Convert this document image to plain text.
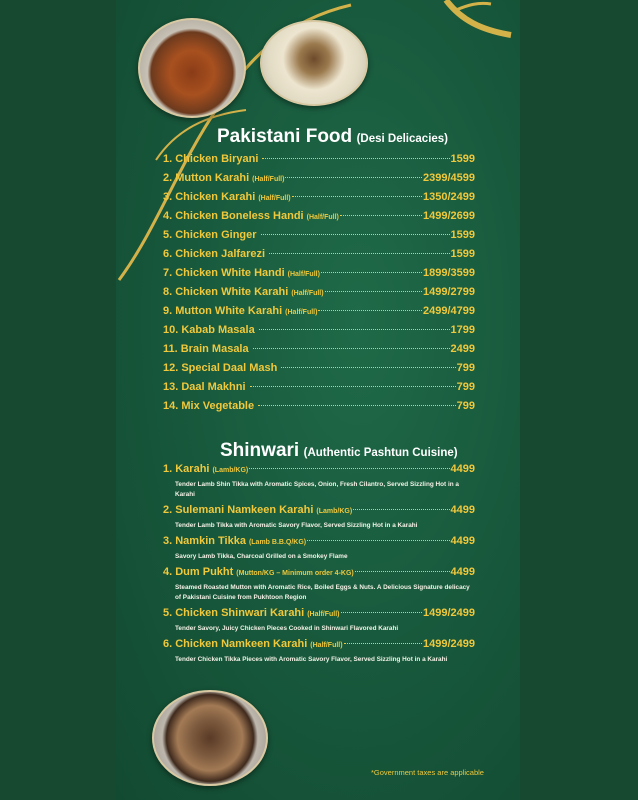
Pakistani Food (Desi Delicacies)
1. Chicken Biryani	1599
2. Mutton Karahi (Half/Full)	2399/4599
3. Chicken Karahi (Half/Full)	1350/2499
4. Chicken Boneless Handi (Half/Full)	1499/2699
5. Chicken Ginger	1599
6. Chicken Jalfarezi	1599
7. Chicken White Handi (Half/Full)	1899/3599
8. Chicken White Karahi (Half/Full)	1499/2799
9. Mutton White Karahi (Half/Full)	2499/4799
10. Kabab Masala	1799
11. Brain Masala	2499
12. Special Daal Mash	799
13. Daal Makhni	799
14. Mix Vegetable	799
Shinwari (Authentic Pashtun Cuisine)
1. Karahi (Lamb/KG)	4499
Tender Lamb Shin Tikka with Aromatic Spices, Onion, Fresh Cilantro, Served Sizzling Hot in a Karahi
2. Sulemani Namkeen Karahi (Lamb/KG)	4499
Tender Lamb Tikka with Aromatic Savory Flavor, Served Sizzling Hot in a Karahi
3. Namkin Tikka (Lamb B.B.Q/KG)	4499
Savory Lamb Tikka, Charcoal Grilled on a Smokey Flame
4. Dum Pukht (Mutton/KG – Minimum order 4-KG)	4499
Steamed Roasted Mutton with Aromatic Rice, Boiled Eggs & Nuts. A Delicious Signature delicacy of Pakistani Cuisine from Pukhtoon Region
5. Chicken Shinwari Karahi (Half/Full)	1499/2499
Tender Savory, Juicy Chicken Pieces Cooked in Shinwari Flavored Karahi
6. Chicken Namkeen Karahi (Half/Full)	1499/2499
Tender Chicken Tikka Pieces with Aromatic Savory Flavor, Served Sizzling Hot in a Karahi
*Government taxes are applicable
